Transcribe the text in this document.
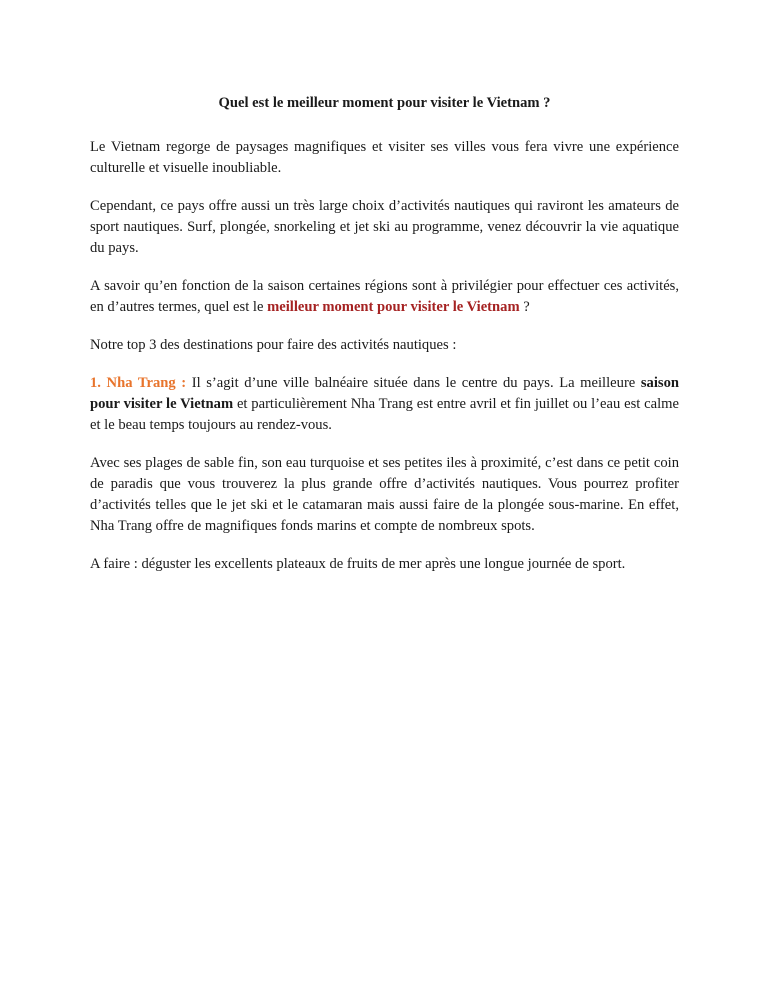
Quel est le meilleur moment pour visiter le Vietnam ?

Le Vietnam regorge de paysages magnifiques et visiter ses villes vous fera vivre une expérience culturelle et visuelle inoubliable.

Cependant, ce pays offre aussi un très large choix d’activités nautiques qui raviront les amateurs de sport nautiques. Surf, plongée, snorkeling et jet ski au programme, venez découvrir la vie aquatique du pays.

A savoir qu’en fonction de la saison certaines régions sont à privilégier pour effectuer ces activités, en d’autres termes, quel est le meilleur moment pour visiter le Vietnam ?

Notre top 3 des destinations pour faire des activités nautiques :

1. Nha Trang : Il s’agit d’une ville balnéaire située dans le centre du pays. La meilleure saison pour visiter le Vietnam et particulièrement Nha Trang est entre avril et fin juillet ou l’eau est calme et le beau temps toujours au rendez-vous.

Avec ses plages de sable fin, son eau turquoise et ses petites iles à proximité, c’est dans ce petit coin de paradis que vous trouverez la plus grande offre d’activités nautiques. Vous pourrez profiter d’activités telles que le jet ski et le catamaran mais aussi faire de la plongée sous-marine. En effet, Nha Trang offre de magnifiques fonds marins et compte de nombreux spots.

A faire : déguster les excellents plateaux de fruits de mer après une longue journée de sport.
